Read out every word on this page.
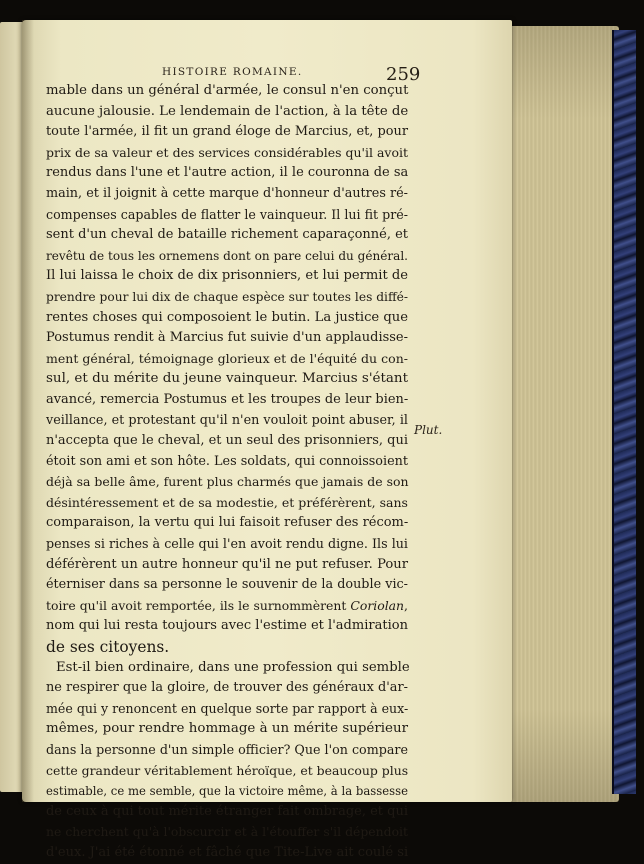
HISTOIRE ROMAINE.	259
mable dans un général d'armée, le consul n'en conçut
aucune jalousie. Le lendemain de l'action, à la tête de
toute l'armée, il fit un grand éloge de Marcius, et, pour
prix de sa valeur et des services considérables qu'il avoit
rendus dans l'une et l'autre action, il le couronna de sa
main, et il joignit à cette marque d'honneur d'autres ré-
compenses capables de flatter le vainqueur. Il lui fit pré-
sent d'un cheval de bataille richement caparaçonné, et
revêtu de tous les ornemens dont on pare celui du général.
Il lui laissa le choix de dix prisonniers, et lui permit de
prendre pour lui dix de chaque espèce sur toutes les diffé-
rentes choses qui composoient le butin. La justice que
Postumus rendit à Marcius fut suivie d'un applaudisse-
ment général, témoignage glorieux et de l'équité du con-
sul, et du mérite du jeune vainqueur. Marcius s'étant
avancé, remercia Postumus et les troupes de leur bien-
veillance, et protestant qu'il n'en vouloit point abuser, il
n'accepta que le cheval, et un seul des prisonniers, qui
étoit son ami et son hôte. Les soldats, qui connoissoient
déjà sa belle âme, furent plus charmés que jamais de son
désintéressement et de sa modestie, et préférèrent, sans
comparaison, la vertu qui lui faisoit refuser des récom-
penses si riches à celle qui l'en avoit rendu digne. Ils lui
déférèrent un autre honneur qu'il ne put refuser. Pour
éterniser dans sa personne le souvenir de la double vic-
toire qu'il avoit remportée, ils le surnommèrent Coriolan,
nom qui lui resta toujours avec l'estime et l'admiration
de ses citoyens.
Est-il bien ordinaire, dans une profession qui semble
ne respirer que la gloire, de trouver des généraux d'ar-
mée qui y renoncent en quelque sorte par rapport à eux-
mêmes, pour rendre hommage à un mérite supérieur
dans la personne d'un simple officier? Que l'on compare
cette grandeur véritablement héroïque, et beaucoup plus
estimable, ce me semble, que la victoire même, à la bassesse
de ceux à qui tout mérite étranger fait ombrage, et qui
ne cherchent qu'à l'obscurcir et à l'étouffer s'il dépendoit
d'eux. J'ai été étonné et fâché que Tite-Live ait coulé si
Plut.
